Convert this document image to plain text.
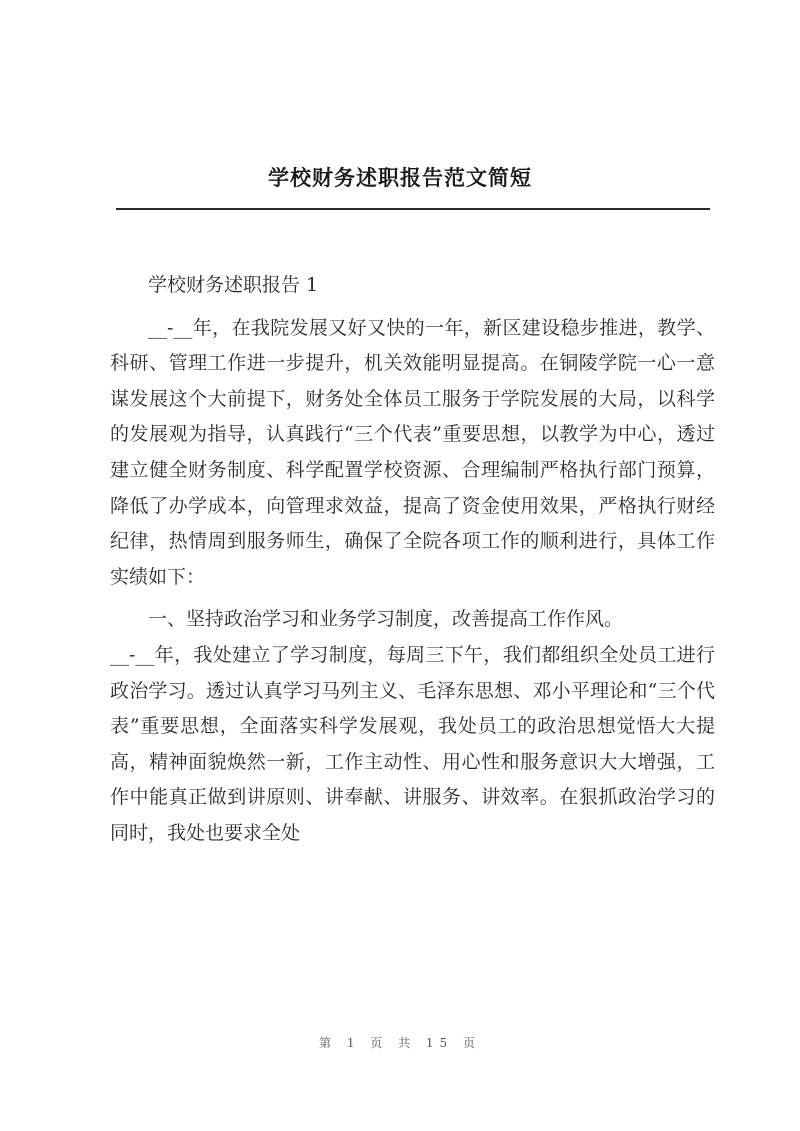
学校财务述职报告范文简短

学校财务述职报告 1

__-__年，在我院发展又好又快的一年，新区建设稳步推进，教学、科研、管理工作进一步提升，机关效能明显提高。在铜陵学院一心一意谋发展这个大前提下，财务处全体员工服务于学院发展的大局，以科学的发展观为指导，认真践行“三个代表”重要思想，以教学为中心，透过建立健全财务制度、科学配置学校资源、合理编制严格执行部门预算，降低了办学成本，向管理求效益，提高了资金使用效果，严格执行财经纪律，热情周到服务师生，确保了全院各项工作的顺利进行，具体工作实绩如下：

一、坚持政治学习和业务学习制度，改善提高工作作风。

__-__年，我处建立了学习制度，每周三下午，我们都组织全处员工进行政治学习。透过认真学习马列主义、毛泽东思想、邓小平理论和“三个代表”重要思想，全面落实科学发展观，我处员工的政治思想觉悟大大提高，精神面貌焕然一新，工作主动性、用心性和服务意识大大增强，工作中能真正做到讲原则、讲奉献、讲服务、讲效率。在狠抓政治学习的同时，我处也要求全处

第 1 页 共 15 页
